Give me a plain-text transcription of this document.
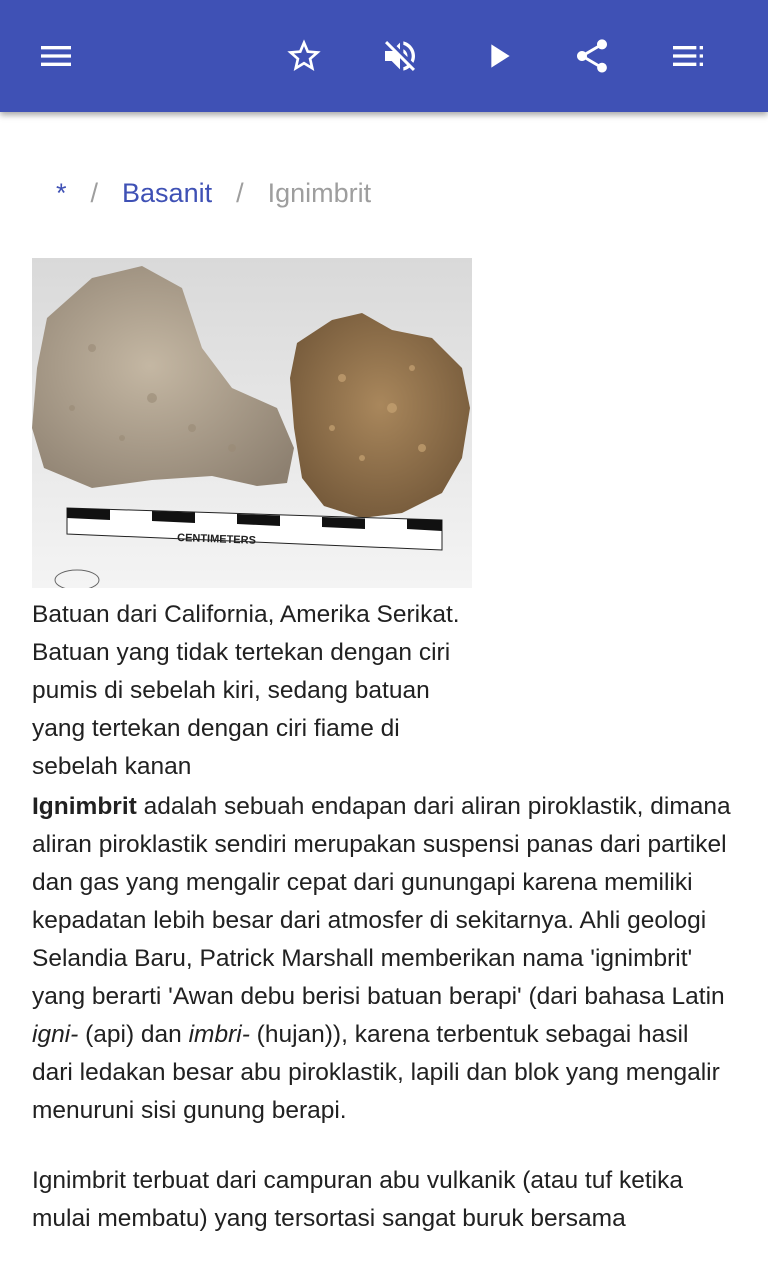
* / Basanit / Ignimbrit
CENTIMETERS
Batuan dari California, Amerika Serikat. Batuan yang tidak tertekan dengan ciri pumis di sebelah kiri, sedang batuan yang tertekan dengan ciri fiame di sebelah kanan

Ignimbrit adalah sebuah endapan dari aliran piroklastik, dimana aliran piroklastik sendiri merupakan suspensi panas dari partikel dan gas yang mengalir cepat dari gunungapi karena memiliki kepadatan lebih besar dari atmosfer di sekitarnya. Ahli geologi Selandia Baru, Patrick Marshall memberikan nama 'ignimbrit' yang berarti 'Awan debu berisi batuan berapi' (dari bahasa Latin igni- (api) dan imbri- (hujan)), karena terbentuk sebagai hasil dari ledakan besar abu piroklastik, lapili dan blok yang mengalir menuruni sisi gunung berapi.

Ignimbrit terbuat dari campuran abu vulkanik (atau tuf ketika mulai membatu) yang tersortasi sangat buruk bersama
